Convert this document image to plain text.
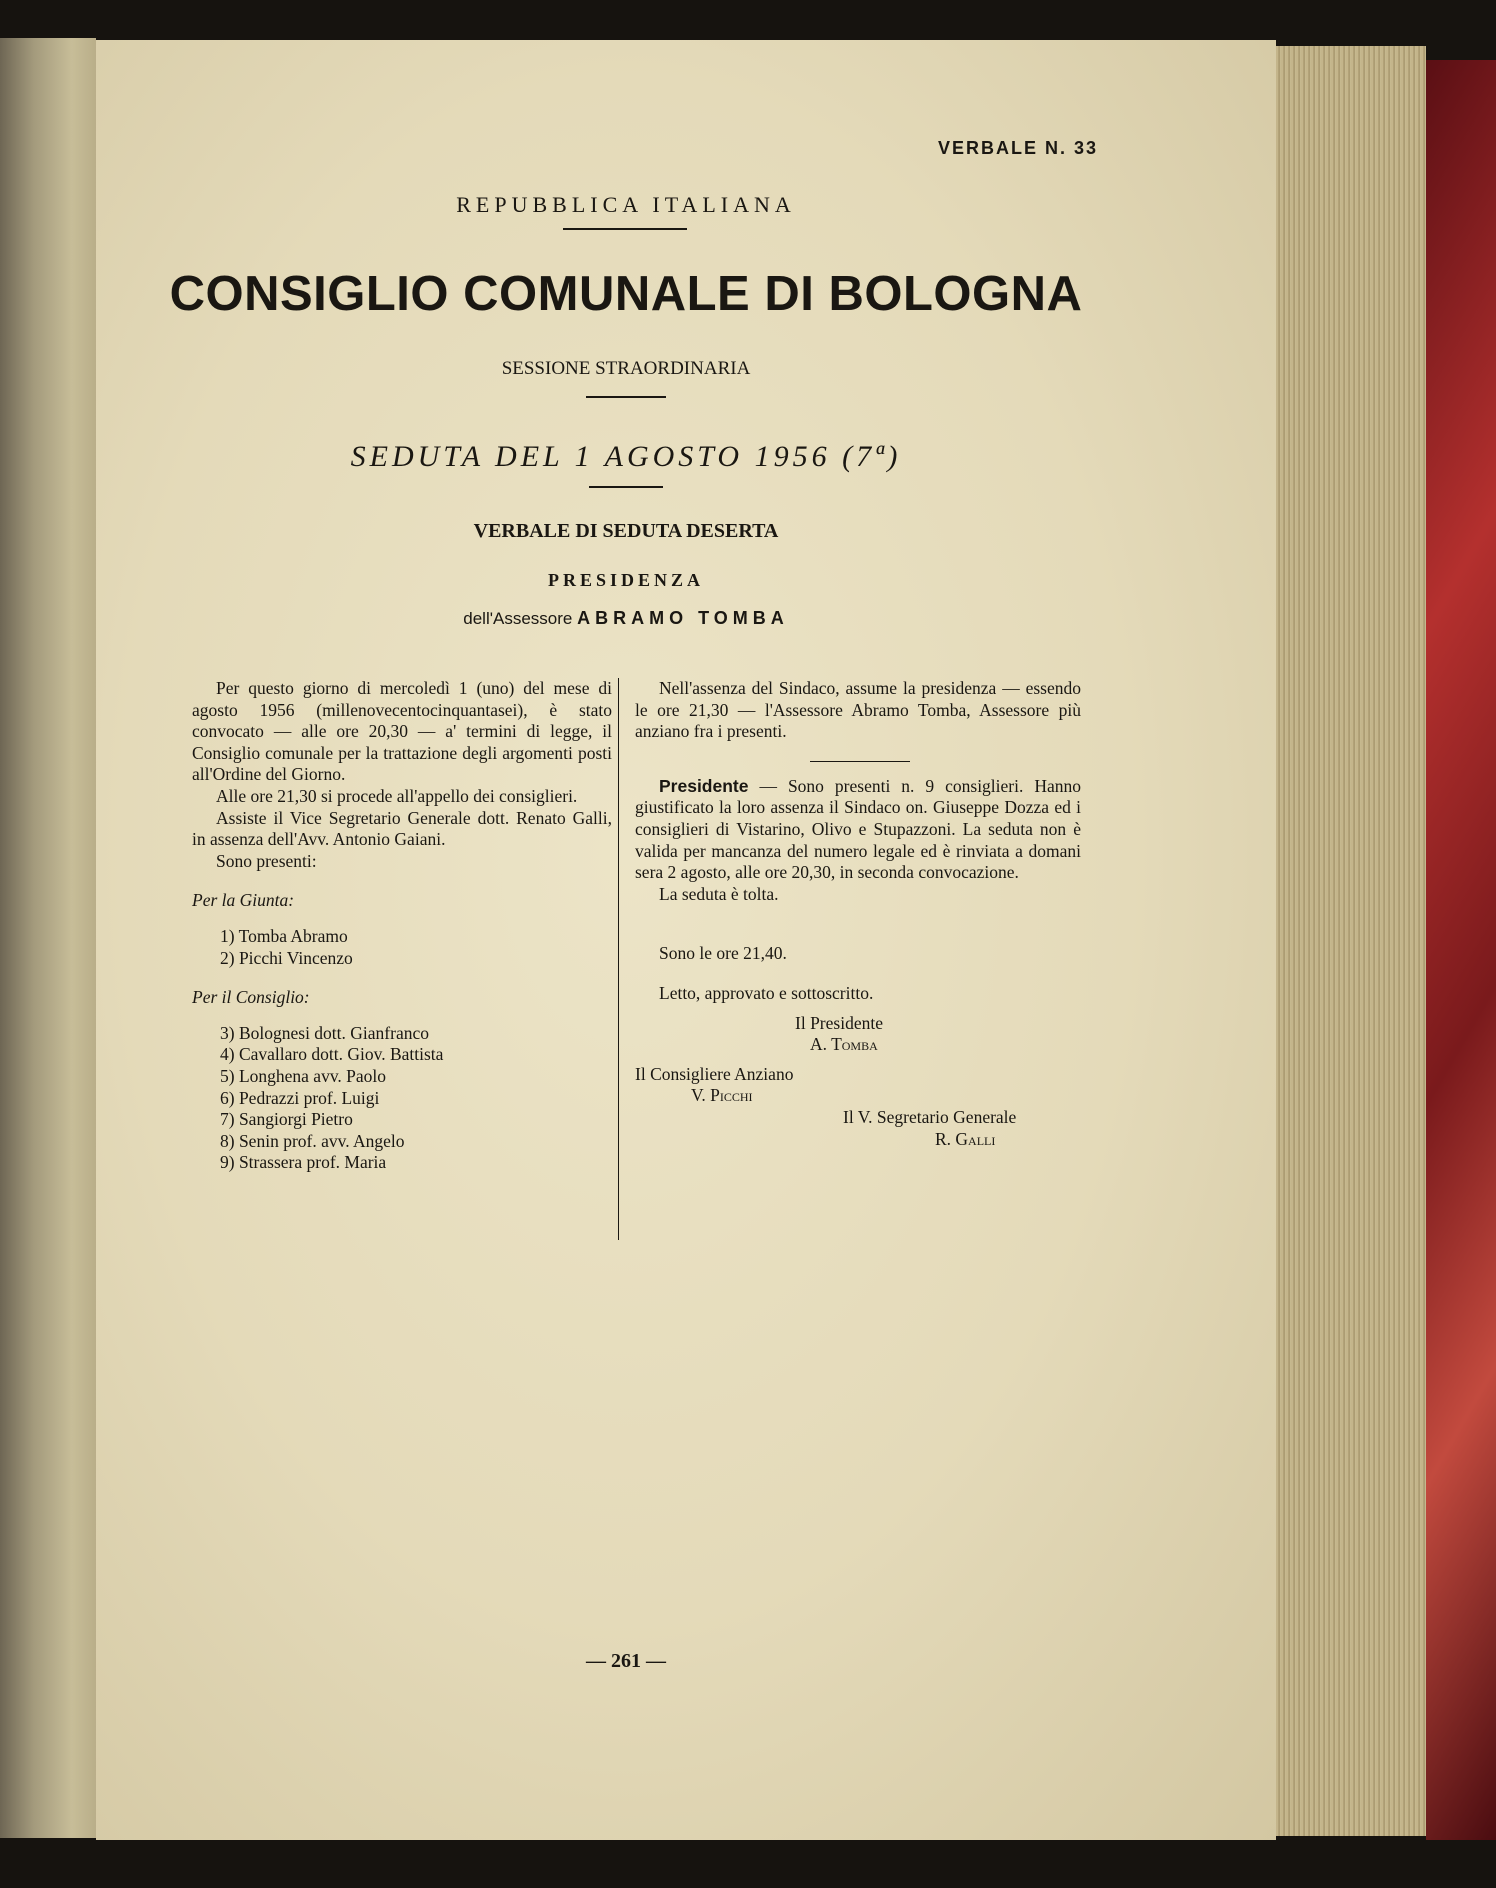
VERBALE N. 33
REPUBBLICA ITALIANA
CONSIGLIO COMUNALE DI BOLOGNA
SESSIONE STRAORDINARIA
SEDUTA DEL 1 AGOSTO 1956 (7ª)
VERBALE DI SEDUTA DESERTA
PRESIDENZA
dell'Assessore ABRAMO TOMBA

Per questo giorno di mercoledì 1 (uno) del mese di agosto 1956 (millenovecentocinquantasei), è stato convocato — alle ore 20,30 — a' termini di legge, il Consiglio comunale per la trattazione degli argomenti posti all'Ordine del Giorno.

Alle ore 21,30 si procede all'appello dei consiglieri.

Assiste il Vice Segretario Generale dott. Renato Galli, in assenza dell'Avv. Antonio Gaiani.

Sono presenti:

Per la Giunta:

1) Tomba Abramo

2) Picchi Vincenzo

Per il Consiglio:

3) Bolognesi dott. Gianfranco

4) Cavallaro dott. Giov. Battista

5) Longhena avv. Paolo

6) Pedrazzi prof. Luigi

7) Sangiorgi Pietro

8) Senin prof. avv. Angelo

9) Strassera prof. Maria

Nell'assenza del Sindaco, assume la presidenza — essendo le ore 21,30 — l'Assessore Abramo Tomba, Assessore più anziano fra i presenti.

Presidente — Sono presenti n. 9 consiglieri. Hanno giustificato la loro assenza il Sindaco on. Giuseppe Dozza ed i consiglieri di Vistarino, Olivo e Stupazzoni. La seduta non è valida per mancanza del numero legale ed è rinviata a domani sera 2 agosto, alle ore 20,30, in seconda convocazione.

La seduta è tolta.

Sono le ore 21,40.

Letto, approvato e sottoscritto.

Il Presidente

A. Tomba

Il Consigliere Anziano

V. Picchi

Il V. Segretario Generale

R. Galli

— 261 —
